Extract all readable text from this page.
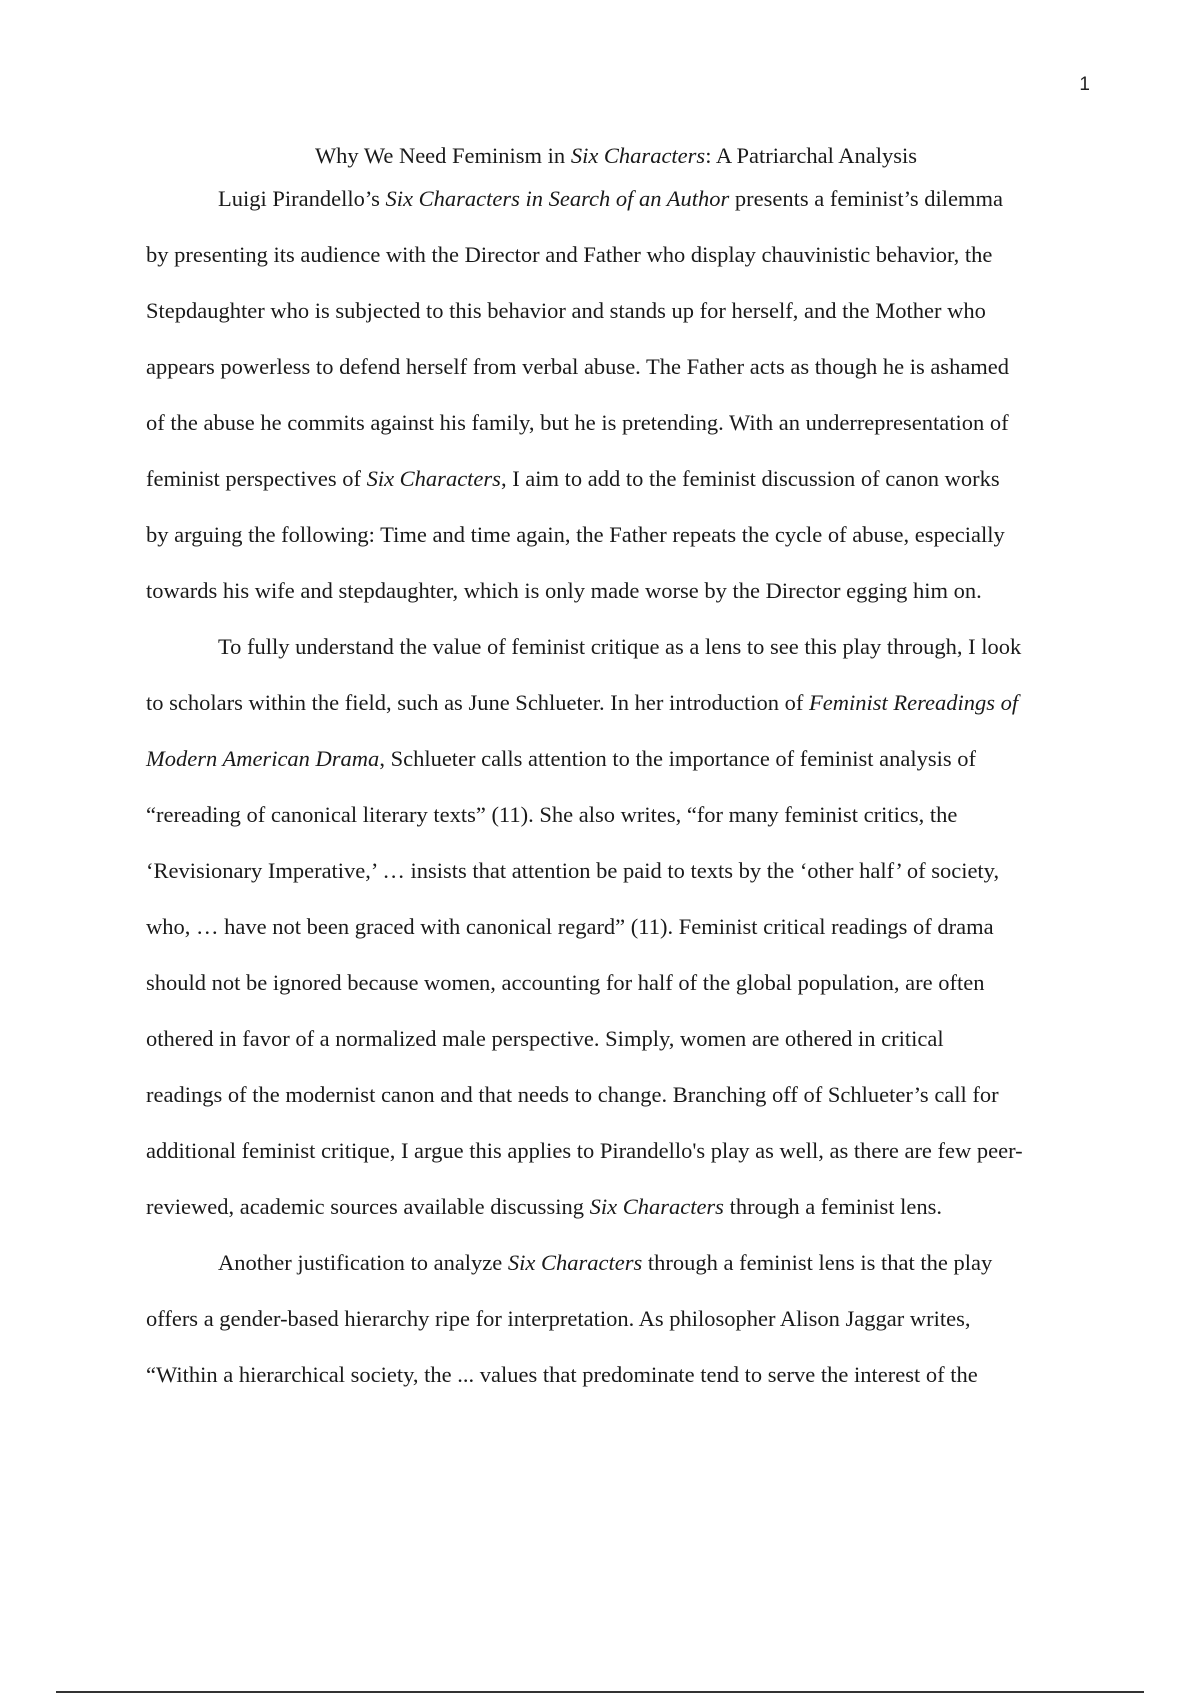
1
Why We Need Feminism in Six Characters: A Patriarchal Analysis
Luigi Pirandello’s Six Characters in Search of an Author presents a feminist’s dilemma
by presenting its audience with the Director and Father who display chauvinistic behavior, the
Stepdaughter who is subjected to this behavior and stands up for herself, and the Mother who
appears powerless to defend herself from verbal abuse. The Father acts as though he is ashamed
of the abuse he commits against his family, but he is pretending. With an underrepresentation of
feminist perspectives of Six Characters, I aim to add to the feminist discussion of canon works
by arguing the following: Time and time again, the Father repeats the cycle of abuse, especially
towards his wife and stepdaughter, which is only made worse by the Director egging him on.
To fully understand the value of feminist critique as a lens to see this play through, I look
to scholars within the field, such as June Schlueter. In her introduction of Feminist Rereadings of
Modern American Drama, Schlueter calls attention to the importance of feminist analysis of
“rereading of canonical literary texts” (11). She also writes, “for many feminist critics, the
‘Revisionary Imperative,’ … insists that attention be paid to texts by the ‘other half’ of society,
who, … have not been graced with canonical regard” (11). Feminist critical readings of drama
should not be ignored because women, accounting for half of the global population, are often
othered in favor of a normalized male perspective. Simply, women are othered in critical
readings of the modernist canon and that needs to change. Branching off of Schlueter’s call for
additional feminist critique, I argue this applies to Pirandello's play as well, as there are few peer-
reviewed, academic sources available discussing Six Characters through a feminist lens.
Another justification to analyze Six Characters through a feminist lens is that the play
offers a gender-based hierarchy ripe for interpretation. As philosopher Alison Jaggar writes,
“Within a hierarchical society, the ... values that predominate tend to serve the interest of the
